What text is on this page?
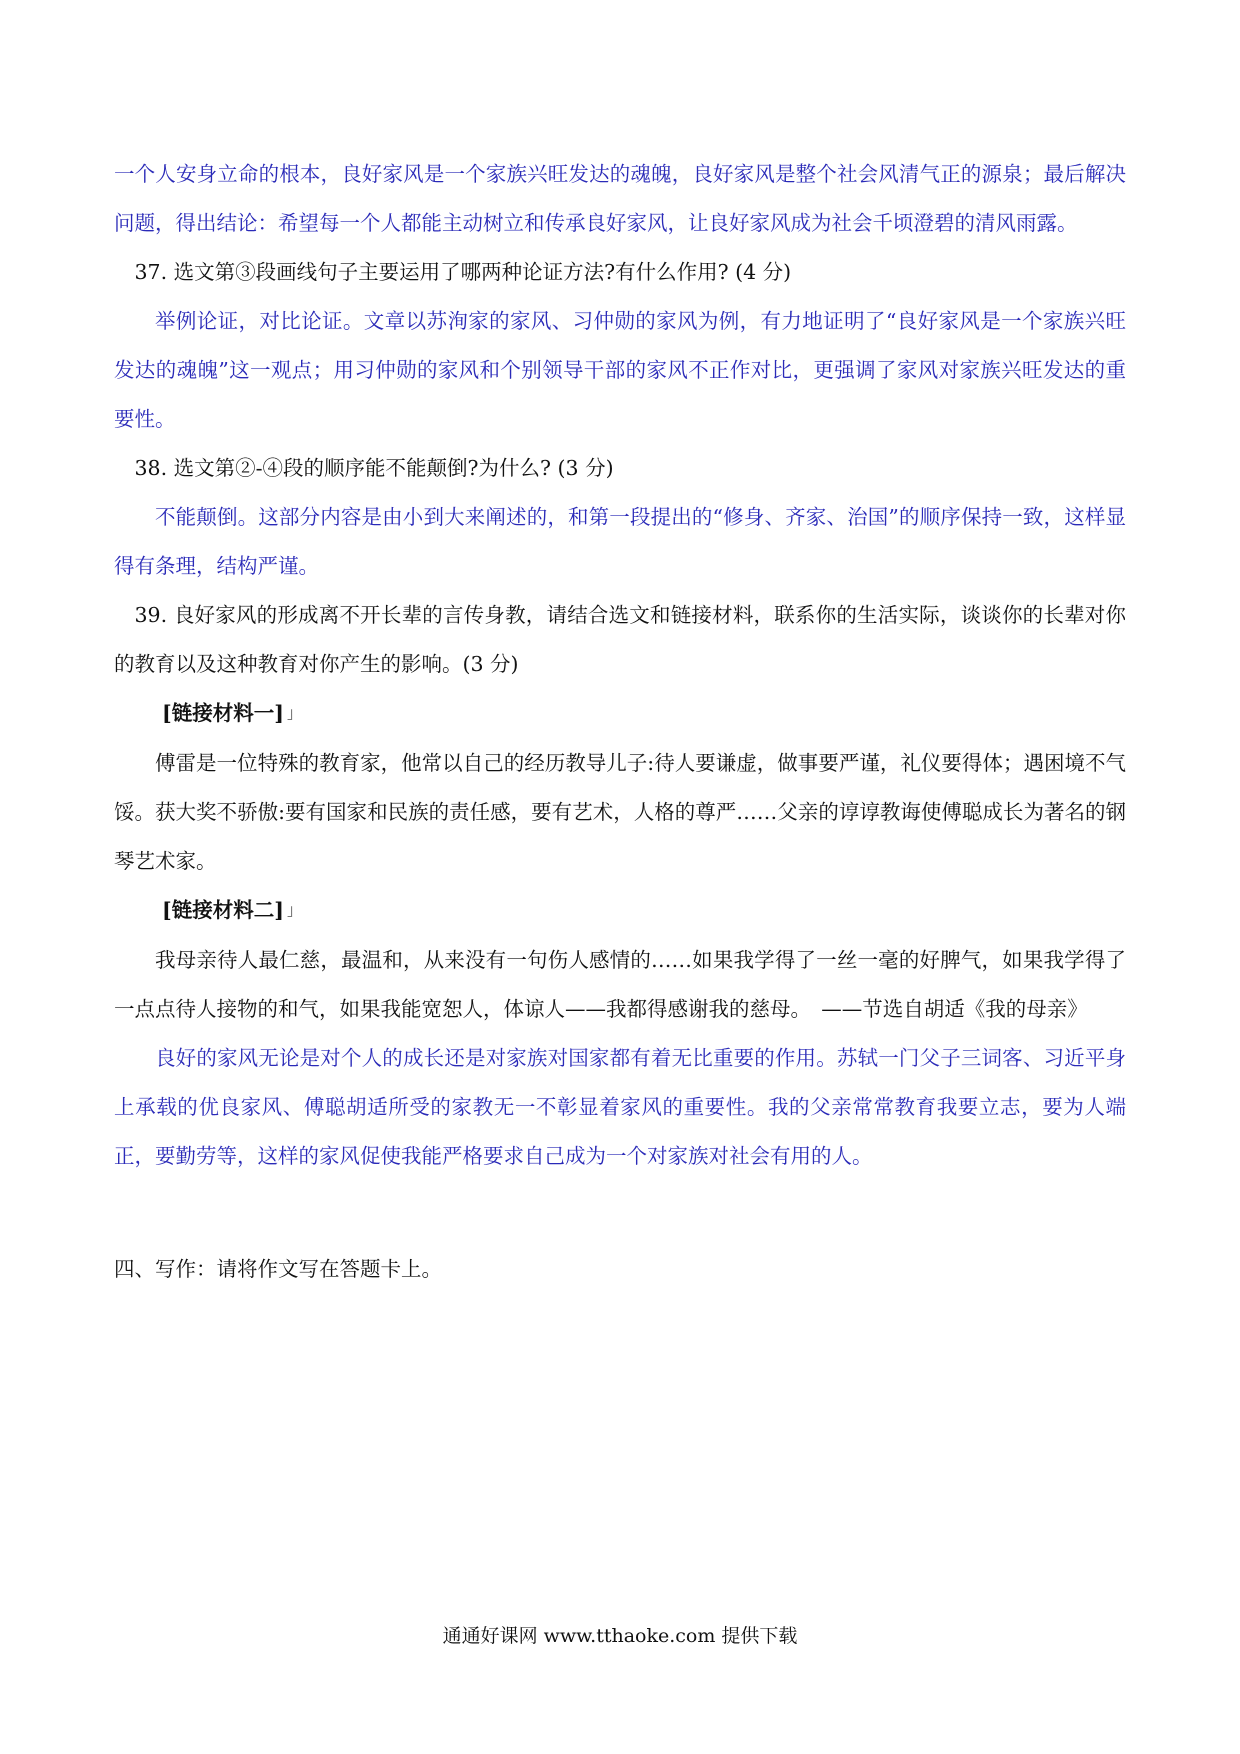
一个人安身立命的根本，良好家风是一个家族兴旺发达的魂魄，良好家风是整个社会风清气正的源泉；最后解决问题，得出结论：希望每一个人都能主动树立和传承良好家风，让良好家风成为社会千顷澄碧的清风雨露。

37. 选文第③段画线句子主要运用了哪两种论证方法?有什么作用? (4 分)

举例论证，对比论证。文章以苏洵家的家风、习仲勋的家风为例，有力地证明了“良好家风是一个家族兴旺发达的魂魄”这一观点；用习仲勋的家风和个别领导干部的家风不正作对比，更强调了家风对家族兴旺发达的重要性。

38. 选文第②-④段的顺序能不能颠倒?为什么? (3 分)

不能颠倒。这部分内容是由小到大来阐述的，和第一段提出的“修身、齐家、治国”的顺序保持一致，这样显得有条理，结构严谨。

39. 良好家风的形成离不开长辈的言传身教，请结合选文和链接材料，联系你的生活实际，谈谈你的长辈对你的教育以及这种教育对你产生的影响。(3 分)

[链接材料一] ˩

傅雷是一位特殊的教育家，他常以自己的经历教导儿子:待人要谦虚，做事要严谨，礼仪要得体；遇困境不气馁。获大奖不骄傲:要有国家和民族的责任感，要有艺术，人格的尊严……父亲的谆谆教诲使傅聪成长为著名的钢琴艺术家。

[链接材料二] ˩

我母亲待人最仁慈，最温和，从来没有一句伤人感情的……如果我学得了一丝一毫的好脾气，如果我学得了一点点待人接物的和气，如果我能宽恕人，体谅人——我都得感谢我的慈母。　——节选自胡适《我的母亲》

良好的家风无论是对个人的成长还是对家族对国家都有着无比重要的作用。苏轼一门父子三词客、习近平身上承载的优良家风、傅聪胡适所受的家教无一不彰显着家风的重要性。我的父亲常常教育我要立志，要为人端正，要勤劳等，这样的家风促使我能严格要求自己成为一个对家族对社会有用的人。

四、写作：请将作文写在答题卡上。

通通好课网 www.tthaoke.com 提供下载
